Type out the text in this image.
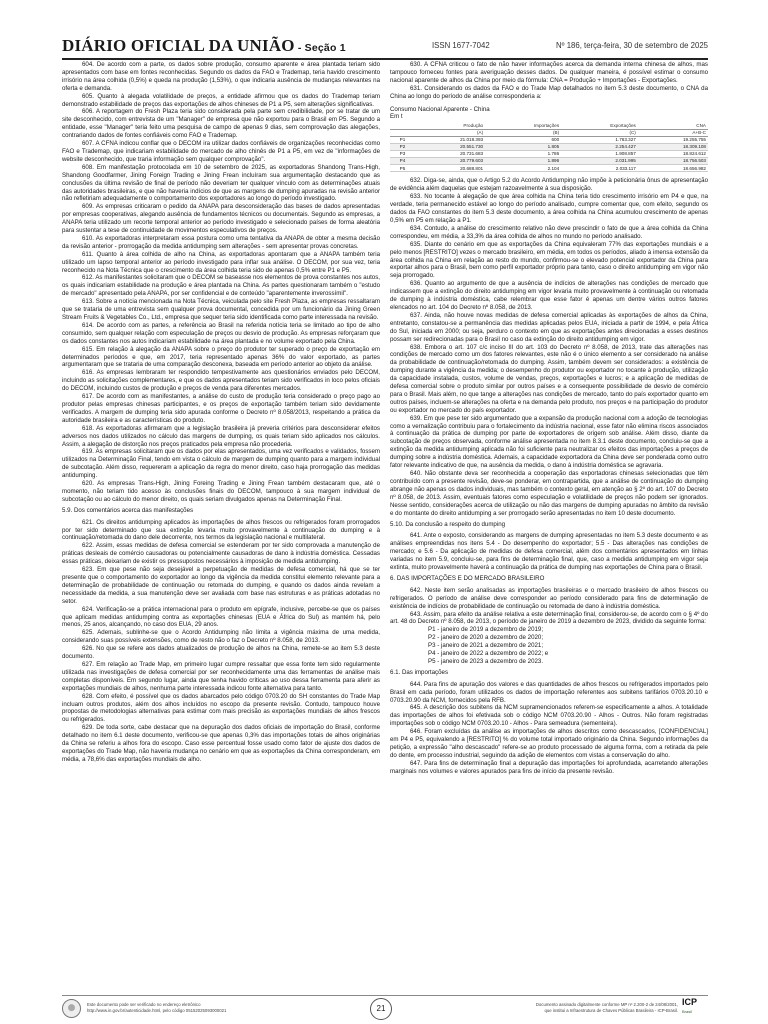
DIÁRIO OFICIAL DA UNIÃO - Seção 1	ISSN 1677-7042	Nº 186, terça-feira, 30 de setembro de 2025

604. De acordo com a parte, os dados sobre produção, consumo aparente e área plantada teriam sido apresentados com base em fontes reconhecidas. Segundo os dados da FAO e Trademap, teria havido crescimento irrisório na área colhida (0,5%) e queda na produção (1,53%), o que indicaria ausência de mudanças relevantes na oferta e demanda.

605. Quanto à alegada volatilidade de preços, a entidade afirmou que os dados do Trademap teriam demonstrado estabilidade de preços das exportações de alhos chineses de P1 a P5, sem alterações significativas.

606. A reportagem do Fresh Plaza teria sido considerada pela parte sem credibilidade, por se tratar de um site desconhecido, com entrevista de um "Manager" de empresa que não exportou para o Brasil em P5. Segundo a entidade, esse "Manager" teria feito uma pesquisa de campo de apenas 9 dias, sem comprovação das alegações, contrariando dados de fontes confiáveis como FAO e Trademap.

607. A CFNA indicou conflar que o DECOM ira utilizar dados confiáveis de organizações reconhecidas como FAO e Trademap, que indicariam estabilidade do mercado de alho chinês de P1 a P5, em vez de "informações de website desconhecido, que traria informação sem qualquer comprovação".

608. Em manifestação protocolada em 10 de setembro de 2025, as exportadoras Shandong Trans-High, Shandong Goodfarmer, Jining Foreign Trading e Jining Frean incluíram sua argumentação destacando que as conclusões da última revisão de final de período não deveriam ter qualquer vínculo com as determinações atuais das autoridades brasileiras, e que não haveria indícios de que as margens de dumping apuradas na revisão anterior não refletiriam adequadamente o comportamento dos exportadores ao longo do período investigado.

609. As empresas criticaram o pedido da ANAPA para desconsideração das bases de dados apresentadas por empresas cooperativas, alegando ausência de fundamentos técnicos ou documentais. Segundo as empresas, a ANAPA teria utilizado um recorte temporal anterior ao período investigado e selecionado países de forma aleatória para sustentar a tese de continuidade de movimentos especulativos de preços.

610. As exportadoras interpretaram essa postura como uma tentativa da ANAPA de obter a mesma decisão da revisão anterior - prorrogação da medida antidumping sem alterações - sem apresentar provas concretas.

611. Quanto à área colhida de alho na China, as exportadoras apontaram que a ANAPA também teria utilizado um lapso temporal anterior ao período investigado para inflar sua análise. O DECOM, por sua vez, teria reconhecido na Nota Técnica que o crescimento da área colhida teria sido de apenas 0,5% entre P1 e P5.

612. As manifestantes solicitaram que o DECOM se baseasse nos elementos de prova constantes nos autos, os quais indicariam estabilidade na produção e área plantada na China. As partes questionaram também o "estudo de mercado" apresentado pela ANAPA, por ser confidencial e de conteúdo "aparentemente inverossímil".

613. Sobre a notícia mencionada na Nota Técnica, veiculada pelo site Fresh Plaza, as empresas ressaltaram que se trataria de uma entrevista sem qualquer prova documental, concedida por um funcionário da Jining Green Stream Fruits & Vegetables Co., Ltd., empresa que sequer teria sido identificada como parte interessada na revisão.

614. De acordo com as partes, a referência ao Brasil na referida notícia teria se limitado ao tipo de alho consumido, sem qualquer relação com especulação de preços ou desvio de produção. As empresas reforçaram que os dados constantes nos autos indicariam estabilidade na área plantada e no volume exportado pela China.

615. Em relação à alegação da ANAPA sobre o preço do produtor ter superado o preço de exportação em determinados períodos e que, em 2017, teria representado apenas 36% do valor exportado, as partes argumentaram que se trataria de uma comparação desconexa, baseada em período anterior ao objeto da análise.

616. As empresas lembraram ter respondido tempestivamente aos questionários enviados pelo DECOM, incluindo as solicitações complementares, e que os dados apresentados teriam sido verificados in loco pelos oficiais do DECOM, incluindo custos de produção e preços de venda para diferentes mercados.

617. De acordo com as manifestantes, a análise do custo de produção teria considerado o preço pago ao produtor pelas empresas chinesas participantes, e os preços de exportação também teriam sido devidamente verificados. A margem de dumping teria sido apurada conforme o Decreto nº 8.058/2013, respeitando a prática da autoridade brasileira e as características do produto.

618. As exportadoras afirmaram que a legislação brasileira já preveria critérios para desconsiderar efeitos adversos nos dados utilizados no cálculo das margens de dumping, os quais teriam sido aplicados nos cálculos. Assim, a alegação de distorção nos preços praticados pela empresa não procederia.

619. As empresas solicitaram que os dados por elas apresentados, uma vez verificados e validados, fossem utilizados na Determinação Final, tendo em vista o cálculo de margem de dumping quanto para a margem individual de subcotação. Além disso, requereram a aplicação da regra do menor direito, caso haja prorrogação das medidas antidumping.

620. As empresas Trans-High, Jining Foreing Trading e Jining Frean também destacaram que, até o momento, não teriam tido acesso às conclusões finais do DECOM, tampouco à sua margem individual de subcotação ou ao cálculo do menor direito, os quais seriam divulgados apenas na Determinação Final.

5.9. Dos comentários acerca das manifestações

621. Os direitos antidumping aplicados às importações de alhos frescos ou refrigerados foram prorrogados por ter sido determinado que sua extinção levaria muito provavelmente à continuação do dumping e à continuação/retomada do dano dele decorrente, nos termos da legislação nacional e multilateral.

622. Assim, essas medidas de defesa comercial se estenderam por ter sido comprovada a manutenção de práticas desleais de comércio causadoras ou potencialmente causadoras de dano à indústria doméstica. Cessadas essas práticas, deixariam de existir os pressupostos necessários à imposição de medida antidumping.

623. Em que pese não seja desejável a perpetuação de medidas de defesa comercial, há que se ter presente que o comportamento do exportador ao longo da vigência da medida constitui elemento relevante para a determinação de probabilidade de continuação ou retomada do dumping, e quando os dados ainda revelam a necessidade da medida, a sua manutenção deve ser avaliada com base nas estruturas e as práticas adotadas no setor.

624. Verificação-se a prática internacional para o produto em epígrafe, inclusive, percebe-se que os países que aplicam medidas antidumping contra as exportações chinesas (EUA e África do Sul) as mantém há, pelo menos, 25 anos, alcançando, no caso dos EUA, 29 anos.

625. Ademais, sublinhe-se que o Acordo Antidumping não limita a vigência máxima de uma medida, considerando suas possíveis extensões, como de resto não o faz o Decreto nº 8.058, de 2013.

626. No que se refere aos dados atualizados de produção de alhos na China, remete-se ao item 5.3 deste documento.

627. Em relação ao Trade Map, em primeiro lugar cumpre ressaltar que essa fonte tem sido regularmente utilizada nas investigações de defesa comercial por ser reconhecidamente uma das ferramentas de análise mais completas disponíveis. Em segundo lugar, ainda que tenha havido críticas ao uso dessa ferramenta para aferir as exportações mundiais de alhos, nenhuma parte interessada indicou fonte alternativa para tanto.

628. Com efeito, é possível que os dados abarcados pelo código 0703.20 do SH constantes do Trade Map incluam outros produtos, além dos alhos incluídos no escopo da presente revisão. Contudo, tampouco houve propostas de metodologias alternativas para estimar com mais precisão as exportações mundiais de alhos frescos ou refrigerados.

629. De toda sorte, cabe destacar que na depuração dos dados oficiais de importação do Brasil, conforme detalhado no item 6.1 deste documento, verificou-se que apenas 0,3% das importações totais de alhos originárias da China se referiu a alhos fora do escopo. Caso esse percentual fosse usado como fator de ajuste dos dados de exportações do Trade Map, não haveria mudança no cenário em que as exportações da China corresponderam, em média, a 78,6% das exportações mundiais de alho.

630. A CFNA criticou o fato de não haver informações acerca da demanda interna chinesa de alhos, mas tampouco forneceu fontes para averiguação desses dados. De qualquer maneira, é possível estimar o consumo nacional aparente de alhos da China por meio da fórmula: CNA = Produção + Importações - Exportações.

631. Considerando os dados da FAO e do Trade Map detalhados no item 5.3 deste documento, o CNA da China ao longo do período de análise corresponderia a:

Consumo Nacional Aparente - China

Em t

	Produção	Importações	Exportações	CNA
	(A)	(B)	(C)	A+B-C
P1	21.018.393	600	1.763.327	19.255.755
P2	20.551.730	1.805	2.254.427	18.309.108
P3	20.731.683	1.786	1.908.857	18.824.612
P4	20.779.603	1.896	2.031.995	18.756.503
P5	20.688.801	2.104	2.033.117	18.656.982

632. Diga-se, ainda, que o Artigo 5.2 do Acordo Antidumping não impõe à peticionária ônus de apresentação de evidência além daquelas que estejam razoavelmente à sua disposição.

633. No tocante à alegação de que área colhida na China teria tido crescimento irrisório em P4 e que, na verdade, teria permanecido estável ao longo do período analisado, cumpre comentar que, com efeito, segundo os dados da FAO constantes do item 5.3 deste documento, a área colhida na China acumulou crescimento de apenas 0,5% em P5 em relação a P1.

634. Contudo, a análise do crescimento relativo não deve prescindir o fato de que a área colhida da China correspondeu, em média, a 33,3% da área colhida de alhos no mundo no período analisado.

635. Diante do cenário em que as exportações da China equivaleram 77% das exportações mundiais e a pelo menos [RESTRITO] vezes o mercado brasileiro, em média, em todos os períodos, aliado à imensa extensão da área colhida na China em relação ao resto do mundo, confirmou-se o elevado potencial exportador da China para exportar alhos para o Brasil, bem como perfil exportador próprio para tanto, caso o direito antidumping em vigor não seja prorrogado.

636. Quanto ao argumento de que a ausência de indícios de alterações nas condições de mercado que indicassem que a extinção do direito antidumping em vigor levaria muito provavelmente à continuação ou retomada de dumping à indústria doméstica, cabe relembrar que esse fator é apenas um dentre vários outros fatores elencados no art. 104 do Decreto nº 8.058, de 2013.

637. Ainda, não houve novas medidas de defesa comercial aplicadas às exportações de alhos da China, entretanto, constatou-se a permanência das medidas aplicadas pelos EUA, iniciada a partir de 1994, e pela África do Sul, iniciada em 2000; ou seja, perduro o contexto em que as exportações antes direcionadas a esses destinos possam ser redirecionadas para o Brasil no caso da extinção do direito antidumping em vigor.

638. Embora o art. 107 c/c inciso III do art. 103 do Decreto nº 8.058, de 2013, trate das alterações nas condições de mercado como um dos fatores relevantes, este não é o único elemento a ser considerado na análise da probabilidade de continuação/retomada do dumping. Assim, também devem ser considerados: a existência de dumping durante a vigência da medida; o desempenho do produtor ou exportador no tocante à produção, utilização da capacidade instalada, custos, volume de vendas, preços, exportações e lucros; e a aplicação de medidas de defesa comercial sobre o produto similar por outros países e a consequente possibilidade de desvio de comércio para o Brasil. Mais além, no que tange a alterações nas condições de mercado, tanto do país exportador quanto em outros países, incluem-se alterações na oferta e na demanda pelo produto, nos preços e na participação do produtor ou exportador no mercado do país exportador.

639. Em que pese ter sido argumentado que a expansão da produção nacional com a adoção de tecnologias como a vernalização contribuiu para o fortalecimento da indústria nacional, esse fator não elimina riscos associados à continuação da prática de dumping por parte de exportadores de origem sob análise. Além disso, diante da subcotação de preços observada, conforme análise apresentada no item 8.3.1 deste documento, concluiu-se que a extinção da medida antidumping aplicada não foi suficiente para neutralizar os efeitos das importações a preços de dumping sobre a indústria doméstica. Ademais, a capacidade exportadora da China deve ser ponderada como outro fator relevante indicativo de que, na ausência da medida, o dano à indústria doméstica se agravaria.

640. Não obstante deva ser reconhecida a cooperação das exportadoras chinesas selecionadas que têm contribuído com a presente revisão, deve-se ponderar, em contrapartida, que a análise de continuação do dumping abrange não apenas os dados individuais, mas também o contexto geral, em atenção ao § 2º do art. 107 do Decreto nº 8.058, de 2013. Assim, eventuais fatores como especulação e volatilidade de preços não podem ser ignorados. Nesse sentido, considerações acerca de utilização ou não das margens de dumping apuradas no âmbito da revisão e do montante do direito antidumping a ser prorrogado serão apresentadas no item 10 deste documento.

5.10. Da conclusão a respeito do dumping

641. Ante o exposto, considerando as margens de dumping apresentadas no item 5.3 deste documento e as análises empreendidas nos itens 5.4 - Do desempenho do exportador; 5.5 - Das alterações nas condições de mercado; e 5.6 - Da aplicação de medidas de defesa comercial, além dos comentários apresentados em linhas variadas no item 5.9, concluiu-se, para fins de determinação final, que, caso a medida antidumping em vigor seja extinta, muito provavelmente haverá a continuação da prática de dumping nas exportações de China para o Brasil.

6. DAS IMPORTAÇÕES E DO MERCADO BRASILEIRO

642. Neste item serão analisadas as importações brasileiras e o mercado brasileiro de alhos frescos ou refrigerados. O período de análise deve corresponder ao período considerado para fins de determinação de existência de indícios de probabilidade de continuação ou retomada de dano à indústria doméstica.

643. Assim, para efeito da análise relativa a este determinação final, considerou-se, de acordo com o § 4º do art. 48 do Decreto nº 8.058, de 2013, o período de janeiro de 2019 a dezembro de 2023, dividido da seguinte forma:

P1 - janeiro de 2019 a dezembro de 2019;

P2 - janeiro de 2020 a dezembro de 2020;

P3 - janeiro de 2021 a dezembro de 2021;

P4 - janeiro de 2022 a dezembro de 2022; e

P5 - janeiro de 2023 a dezembro de 2023.

6.1. Das importações

644. Para fins de apuração dos valores e das quantidades de alhos frescos ou refrigerados importados pelo Brasil em cada período, foram utilizados os dados de importação referentes aos subitens tarifários 0703.20.10 e 0703.20.90 da NCM, fornecidos pela RFB.

645. A descrição dos subitens da NCM supramencionados referem-se especificamente a alhos. A totalidade das importações de alhos foi efetivada sob o código NCM 0703.20.90 - Alhos - Outros. Não foram registradas importações sob o código NCM 0703.20.10 - Alhos - Para semeadura (sementeira).

646. Foram excluídas da análise as importações de alhos descritos como descascados, [CONFIDENCIAL] em P4 e P5, equivalendo a [RESTRITO] % do volume total importado originário da China. Segundo informações da petição, a expressão "alho descascado" refere-se ao produto processado de alguma forma, com a retirada da pele do dente, em processo industrial, seguindo da adição de elementos com vistas a conservação do alho.

647. Para fins de determinação final a depuração das importações foi aprofundada, acarretando alterações marginais nos volumes e valores apurados para fins de início da presente revisão.

Este documento pode ser verificado no endereço eletrônico
http://www.in.gov.br/autenticidade.html, pelo código 05152025093000021	21	Documento assinado digitalmente conforme MP nº 2.200-2 de 24/08/2001,
que institui a Infraestrutura de Chaves Públicas Brasileira - ICP-Brasil.
ICP
Brasil
